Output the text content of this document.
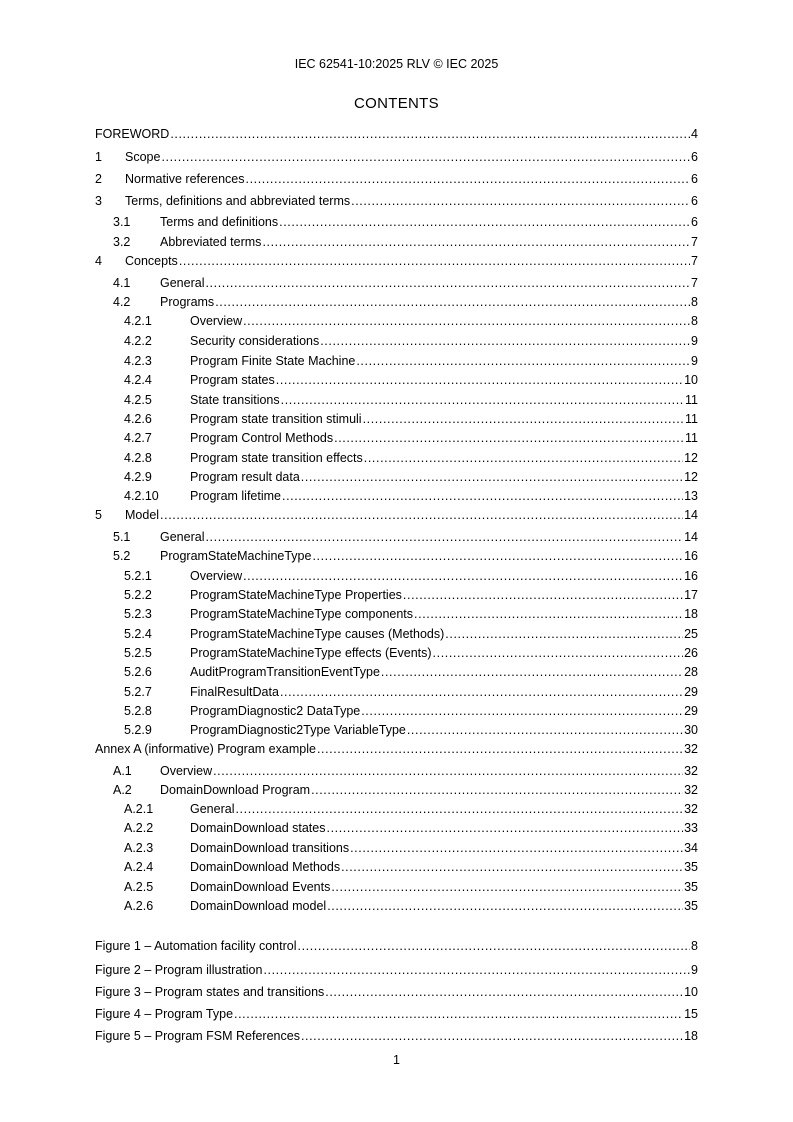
IEC 62541-10:2025 RLV © IEC 2025
CONTENTS
FOREWORD .....	4
1	Scope .....	6
2	Normative references .....	6
3	Terms, definitions and abbreviated terms .....	6
3.1	Terms and definitions .....	6
3.2	Abbreviated terms .....	7
4	Concepts .....	7
4.1	General .....	7
4.2	Programs .....	8
4.2.1	Overview .....	8
4.2.2	Security considerations .....	9
4.2.3	Program Finite State Machine .....	9
4.2.4	Program states .....	10
4.2.5	State transitions .....	11
4.2.6	Program state transition stimuli .....	11
4.2.7	Program Control Methods .....	11
4.2.8	Program state transition effects .....	12
4.2.9	Program result data .....	12
4.2.10	Program lifetime .....	13
5	Model .....	14
5.1	General .....	14
5.2	ProgramStateMachineType .....	16
5.2.1	Overview .....	16
5.2.2	ProgramStateMachineType Properties .....	17
5.2.3	ProgramStateMachineType components .....	18
5.2.4	ProgramStateMachineType causes (Methods) .....	25
5.2.5	ProgramStateMachineType effects (Events) .....	26
5.2.6	AuditProgramTransitionEventType .....	28
5.2.7	FinalResultData .....	29
5.2.8	ProgramDiagnostic2 DataType .....	29
5.2.9	ProgramDiagnostic2Type VariableType .....	30
Annex A (informative) Program example .....	32
A.1	Overview .....	32
A.2	DomainDownload Program .....	32
A.2.1	General .....	32
A.2.2	DomainDownload states .....	33
A.2.3	DomainDownload transitions .....	34
A.2.4	DomainDownload Methods .....	35
A.2.5	DomainDownload Events .....	35
A.2.6	DomainDownload model .....	35
Figure 1 – Automation facility control .....	8
Figure 2 – Program illustration .....	9
Figure 3 – Program states and transitions .....	10
Figure 4 – Program Type .....	15
Figure 5 – Program FSM References .....	18
1
